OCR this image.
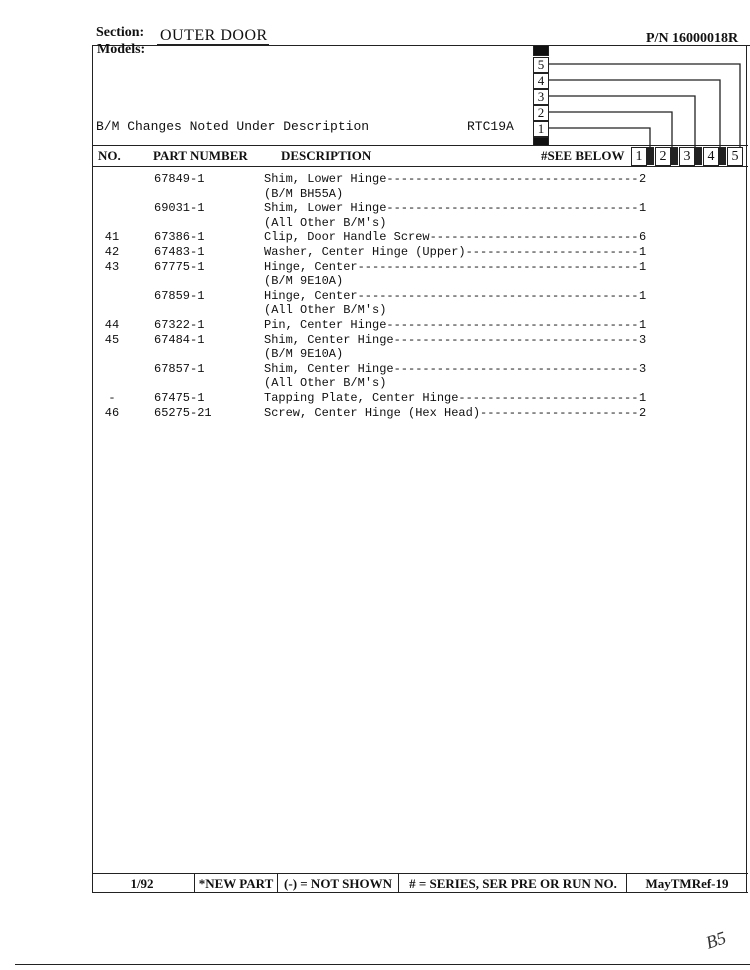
Section: OUTER DOOR	P/N 16000018R
Models:
B/M Changes Noted Under Description	RTC19A
5
4
3
2
1
NO. PART NUMBER	DESCRIPTION	#SEE BELOW 1	2	3	4	5
67849-1	Shim, Lower Hinge ----------------------------------- 2
(B/M BH55A)
69031-1	Shim, Lower Hinge ----------------------------------- 1
(All Other B/M's)
41	67386-1	Clip, Door Handle Screw ----------------------------- 6
42	67483-1	Washer, Center Hinge (Upper) ------------------------ 1
43	67775-1	Hinge, Center --------------------------------------- 1
(B/M 9E10A)
67859-1	Hinge, Center --------------------------------------- 1
(All Other B/M's)
44	67322-1	Pin, Center Hinge ----------------------------------- 1
45	67484-1	Shim, Center Hinge ---------------------------------- 3
(B/M 9E10A)
67857-1	Shim, Center Hinge ---------------------------------- 3
(All Other B/M's)
-	67475-1	Tapping Plate, Center Hinge ------------------------- 1
46	65275-21	Screw, Center Hinge (Hex Head) ---------------------- 2
1/92	*NEW PART (-) = NOT SHOWN	# = SERIES, SER PRE OR RUN NO.	MayTMRef-19
B5
